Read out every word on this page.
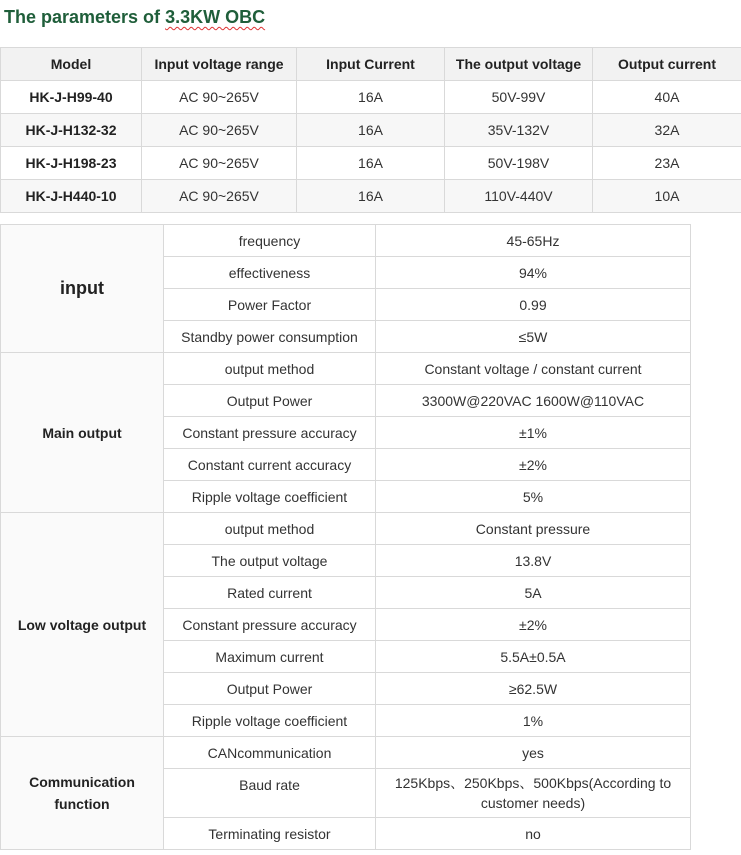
The parameters of 3.3KW OBC
Model	Input voltage range	Input Current	The output voltage	Output current
HK-J-H99-40	AC 90~265V	16A	50V-99V	40A
HK-J-H132-32	AC 90~265V	16A	35V-132V	32A
HK-J-H198-23	AC 90~265V	16A	50V-198V	23A
HK-J-H440-10	AC 90~265V	16A	110V-440V	10A
input	frequency	45-65Hz
	effectiveness	94%
	Power Factor	0.99
	Standby power consumption	≤5W
Main output	output method	Constant voltage / constant current
	Output Power	3300W@220VAC 1600W@110VAC
	Constant pressure accuracy	±1%
	Constant current accuracy	±2%
	Ripple voltage coefficient	5%
Low voltage output	output method	Constant pressure
	The output voltage	13.8V
	Rated current	5A
	Constant pressure accuracy	±2%
	Maximum current	5.5A±0.5A
	Output Power	≥62.5W
	Ripple voltage coefficient	1%
Communication function	CANcommunication	yes
	Baud rate	125Kbps、250Kbps、500Kbps(According to customer needs)
	Terminating resistor	no
